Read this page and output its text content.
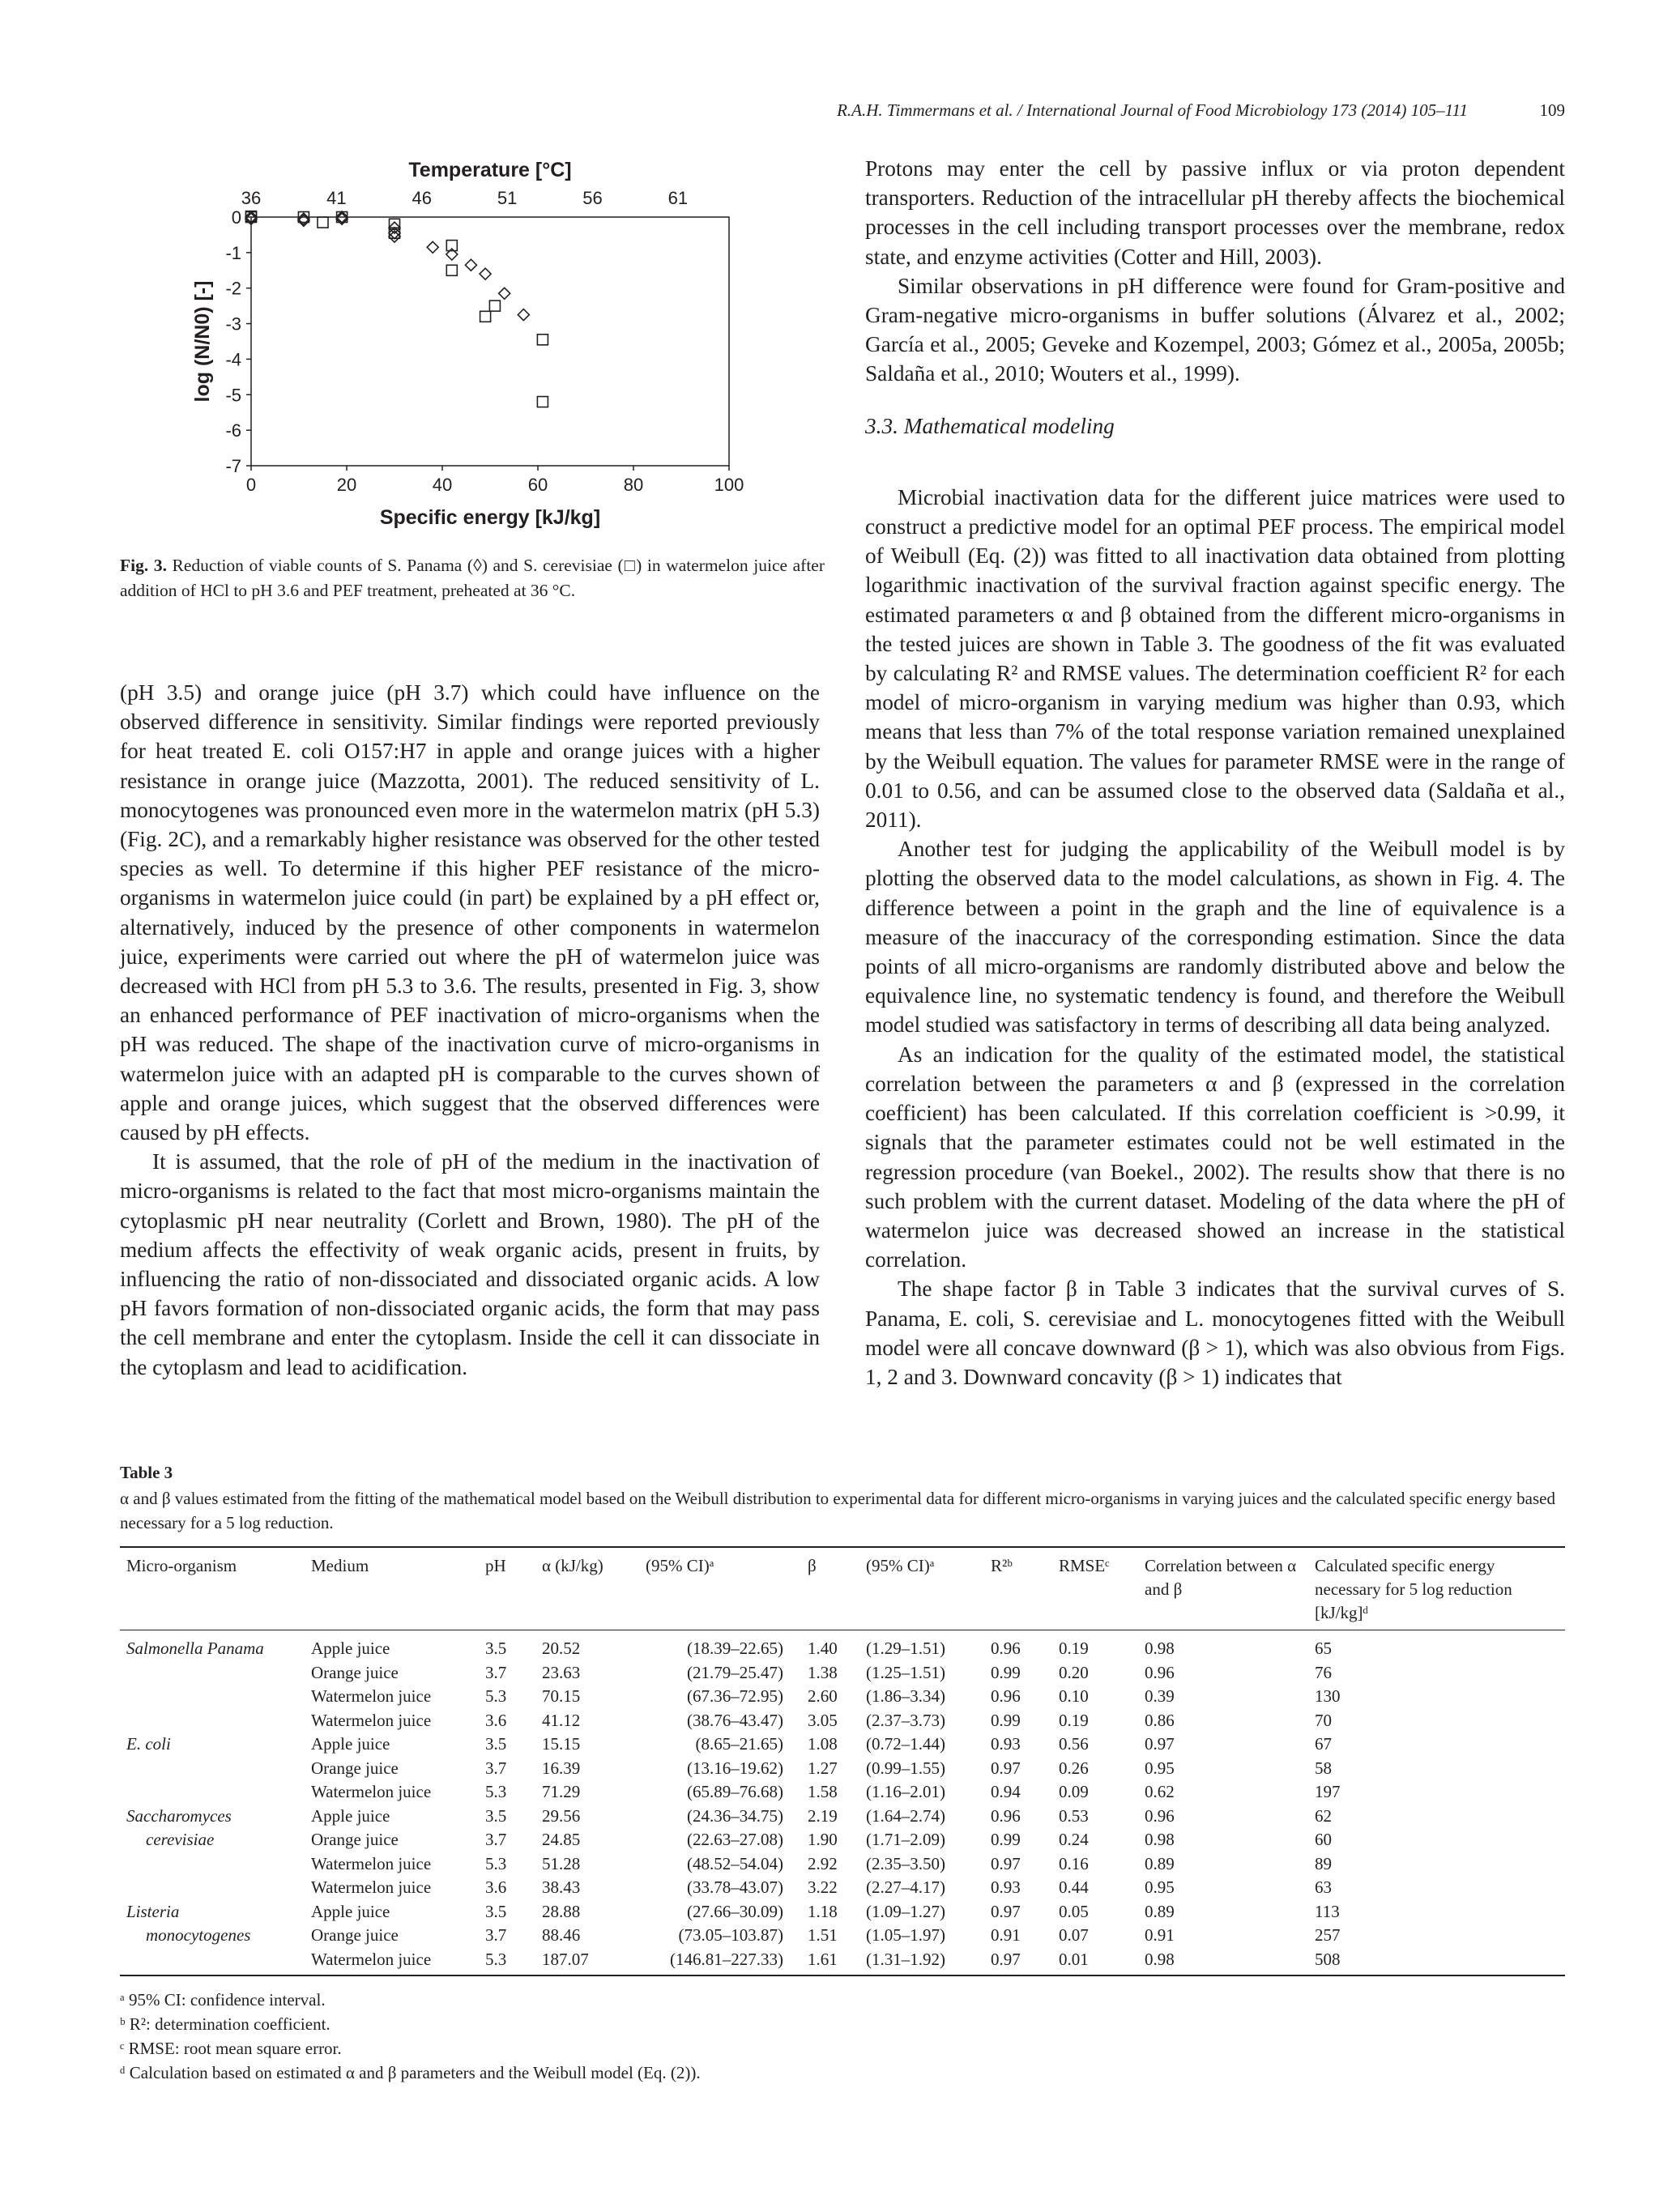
R.A.H. Timmermans et al. / International Journal of Food Microbiology 173 (2014) 105–111	109
0	20	40	60	80	100
0
-1
-2
-3
-4
-5
-6
-7
36	41	46	51	56	61
Temperature [°C]
Specific energy [kJ/kg]
log (N/N0) [-]
Fig. 3. Reduction of viable counts of S. Panama (◊) and S. cerevisiae (□) in watermelon juice after addition of HCl to pH 3.6 and PEF treatment, preheated at 36 °C.

(pH 3.5) and orange juice (pH 3.7) which could have influence on the observed difference in sensitivity. Similar findings were reported previously for heat treated E. coli O157:H7 in apple and orange juices with a higher resistance in orange juice (Mazzotta, 2001). The reduced sensitivity of L. monocytogenes was pronounced even more in the watermelon matrix (pH 5.3) (Fig. 2C), and a remarkably higher resistance was observed for the other tested species as well. To determine if this higher PEF resistance of the micro-organisms in watermelon juice could (in part) be explained by a pH effect or, alternatively, induced by the presence of other components in watermelon juice, experiments were carried out where the pH of watermelon juice was decreased with HCl from pH 5.3 to 3.6. The results, presented in Fig. 3, show an enhanced performance of PEF inactivation of micro-organisms when the pH was reduced. The shape of the inactivation curve of micro-organisms in watermelon juice with an adapted pH is comparable to the curves shown of apple and orange juices, which suggest that the observed differences were caused by pH effects.

It is assumed, that the role of pH of the medium in the inactivation of micro-organisms is related to the fact that most micro-organisms maintain the cytoplasmic pH near neutrality (Corlett and Brown, 1980). The pH of the medium affects the effectivity of weak organic acids, present in fruits, by influencing the ratio of non-dissociated and dissociated organic acids. A low pH favors formation of non-dissociated organic acids, the form that may pass the cell membrane and enter the cytoplasm. Inside the cell it can dissociate in the cytoplasm and lead to acidification.

Protons may enter the cell by passive influx or via proton dependent transporters. Reduction of the intracellular pH thereby affects the biochemical processes in the cell including transport processes over the membrane, redox state, and enzyme activities (Cotter and Hill, 2003).

Similar observations in pH difference were found for Gram-positive and Gram-negative micro-organisms in buffer solutions (Álvarez et al., 2002; García et al., 2005; Geveke and Kozempel, 2003; Gómez et al., 2005a, 2005b; Saldaña et al., 2010; Wouters et al., 1999).

3.3. Mathematical modeling

Microbial inactivation data for the different juice matrices were used to construct a predictive model for an optimal PEF process. The empirical model of Weibull (Eq. (2)) was fitted to all inactivation data obtained from plotting logarithmic inactivation of the survival fraction against specific energy. The estimated parameters α and β obtained from the different micro-organisms in the tested juices are shown in Table 3. The goodness of the fit was evaluated by calculating R² and RMSE values. The determination coefficient R² for each model of micro-organism in varying medium was higher than 0.93, which means that less than 7% of the total response variation remained unexplained by the Weibull equation. The values for parameter RMSE were in the range of 0.01 to 0.56, and can be assumed close to the observed data (Saldaña et al., 2011).

Another test for judging the applicability of the Weibull model is by plotting the observed data to the model calculations, as shown in Fig. 4. The difference between a point in the graph and the line of equivalence is a measure of the inaccuracy of the corresponding estimation. Since the data points of all micro-organisms are randomly distributed above and below the equivalence line, no systematic tendency is found, and therefore the Weibull model studied was satisfactory in terms of describing all data being analyzed.

As an indication for the quality of the estimated model, the statistical correlation between the parameters α and β (expressed in the correlation coefficient) has been calculated. If this correlation coefficient is >0.99, it signals that the parameter estimates could not be well estimated in the regression procedure (van Boekel., 2002). The results show that there is no such problem with the current dataset. Modeling of the data where the pH of watermelon juice was decreased showed an increase in the statistical correlation.

The shape factor β in Table 3 indicates that the survival curves of S. Panama, E. coli, S. cerevisiae and L. monocytogenes fitted with the Weibull model were all concave downward (β > 1), which was also obvious from Figs. 1, 2 and 3. Downward concavity (β > 1) indicates that

Table 3
α and β values estimated from the fitting of the mathematical model based on the Weibull distribution to experimental data for different micro-organisms in varying juices and the calculated specific energy based necessary for a 5 log reduction.
Micro-organism	Medium	pH	α (kJ/kg)	(95% CI)ᵃ	β	(95% CI)ᵃ	R²ᵇ	RMSEᶜ	Correlation between α and β	Calculated specific energy necessary for 5 log reduction [kJ/kg]ᵈ
Salmonella Panama	Apple juice	3.5	20.52	(18.39–22.65)	1.40	(1.29–1.51)	0.96	0.19	0.98	65
	Orange juice	3.7	23.63	(21.79–25.47)	1.38	(1.25–1.51)	0.99	0.20	0.96	76
	Watermelon juice	5.3	70.15	(67.36–72.95)	2.60	(1.86–3.34)	0.96	0.10	0.39	130
	Watermelon juice	3.6	41.12	(38.76–43.47)	3.05	(2.37–3.73)	0.99	0.19	0.86	70
E. coli	Apple juice	3.5	15.15	(8.65–21.65)	1.08	(0.72–1.44)	0.93	0.56	0.97	67
	Orange juice	3.7	16.39	(13.16–19.62)	1.27	(0.99–1.55)	0.97	0.26	0.95	58
	Watermelon juice	5.3	71.29	(65.89–76.68)	1.58	(1.16–2.01)	0.94	0.09	0.62	197
Saccharomyces	Apple juice	3.5	29.56	(24.36–34.75)	2.19	(1.64–2.74)	0.96	0.53	0.96	62
cerevisiae	Orange juice	3.7	24.85	(22.63–27.08)	1.90	(1.71–2.09)	0.99	0.24	0.98	60
	Watermelon juice	5.3	51.28	(48.52–54.04)	2.92	(2.35–3.50)	0.97	0.16	0.89	89
	Watermelon juice	3.6	38.43	(33.78–43.07)	3.22	(2.27–4.17)	0.93	0.44	0.95	63
Listeria	Apple juice	3.5	28.88	(27.66–30.09)	1.18	(1.09–1.27)	0.97	0.05	0.89	113
monocytogenes	Orange juice	3.7	88.46	(73.05–103.87)	1.51	(1.05–1.97)	0.91	0.07	0.91	257
	Watermelon juice	5.3	187.07	(146.81–227.33)	1.61	(1.31–1.92)	0.97	0.01	0.98	508
ᵃ 95% CI: confidence interval.
ᵇ R²: determination coefficient.
ᶜ RMSE: root mean square error.
ᵈ Calculation based on estimated α and β parameters and the Weibull model (Eq. (2)).
